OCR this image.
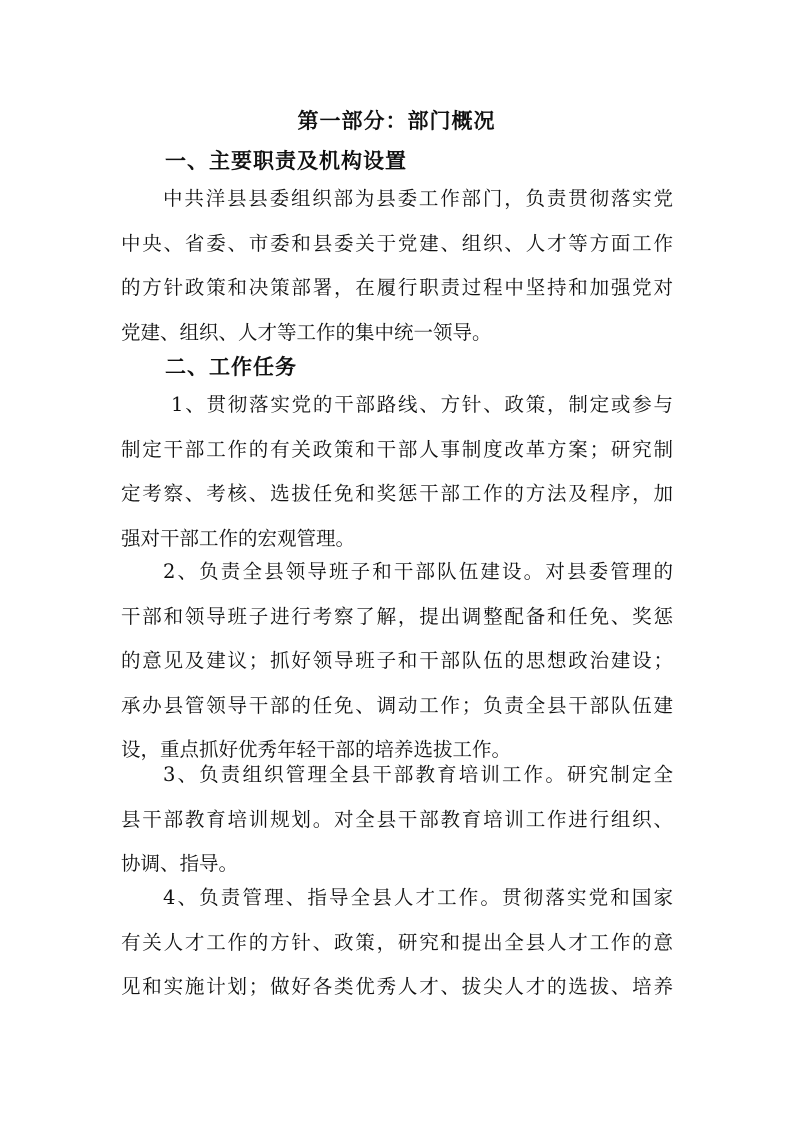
第一部分：部门概况
一、主要职责及机构设置
中共洋县县委组织部为县委工作部门，负责贯彻落实党
中央、省委、市委和县委关于党建、组织、人才等方面工作
的方针政策和决策部署，在履行职责过程中坚持和加强党对
党建、组织、人才等工作的集中统一领导。
二、工作任务
1、贯彻落实党的干部路线、方针、政策，制定或参与
制定干部工作的有关政策和干部人事制度改革方案；研究制
定考察、考核、选拔任免和奖惩干部工作的方法及程序，加
强对干部工作的宏观管理。
2、负责全县领导班子和干部队伍建设。对县委管理的
干部和领导班子进行考察了解，提出调整配备和任免、奖惩
的意见及建议；抓好领导班子和干部队伍的思想政治建设；
承办县管领导干部的任免、调动工作；负责全县干部队伍建
设，重点抓好优秀年轻干部的培养选拔工作。
3、负责组织管理全县干部教育培训工作。研究制定全
县干部教育培训规划。对全县干部教育培训工作进行组织、
协调、指导。
4、负责管理、指导全县人才工作。贯彻落实党和国家
有关人才工作的方针、政策，研究和提出全县人才工作的意
见和实施计划；做好各类优秀人才、拔尖人才的选拔、培养
